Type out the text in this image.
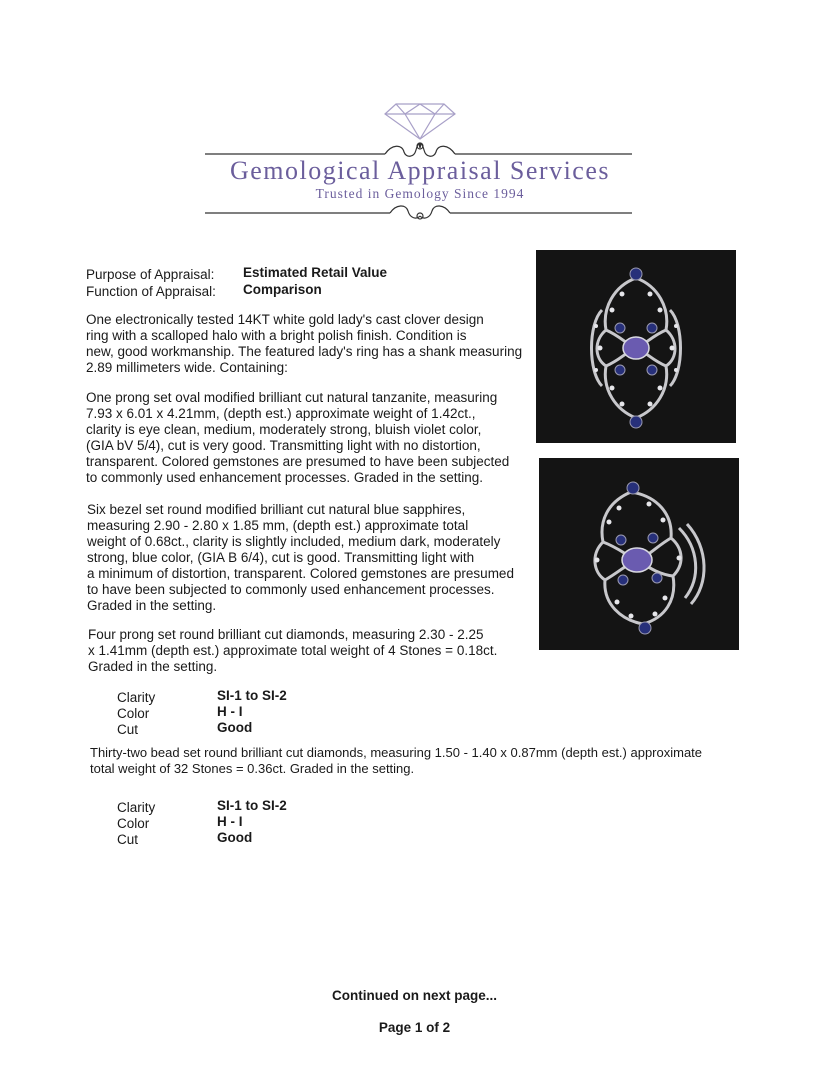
Gemological Appraisal Services
Trusted in Gemology Since 1994
Purpose of Appraisal: Estimated Retail Value
Function of Appraisal: Comparison
One electronically tested 14KT white gold lady's cast clover design
ring with a scalloped halo with a bright polish finish. Condition is
new, good workmanship. The featured lady's ring has a shank measuring
2.89 millimeters wide. Containing:
One prong set oval modified brilliant cut natural tanzanite, measuring
7.93 x 6.01 x 4.21mm, (depth est.) approximate weight of 1.42ct.,
clarity is eye clean, medium, moderately strong, bluish violet color,
(GIA bV 5/4), cut is very good. Transmitting light with no distortion,
transparent. Colored gemstones are presumed to have been subjected
to commonly used enhancement processes. Graded in the setting.
Six bezel set round modified brilliant cut natural blue sapphires,
measuring 2.90 - 2.80 x 1.85 mm, (depth est.) approximate total
weight of 0.68ct., clarity is slightly included, medium dark, moderately
strong, blue color, (GIA B 6/4), cut is good. Transmitting light with
a minimum of distortion, transparent. Colored gemstones are presumed
to have been subjected to commonly used enhancement processes.
Graded in the setting.
Four prong set round brilliant cut diamonds, measuring 2.30 - 2.25
x 1.41mm (depth est.) approximate total weight of 4 Stones = 0.18ct.
Graded in the setting.
Clarity	SI-1 to SI-2
Color	H - I
Cut	Good
Thirty-two bead set round brilliant cut diamonds, measuring 1.50 - 1.40 x 0.87mm (depth est.) approximate
total weight of 32 Stones = 0.36ct. Graded in the setting.
Clarity	SI-1 to SI-2
Color	H - I
Cut	Good
Continued on next page...
Page 1 of 2
